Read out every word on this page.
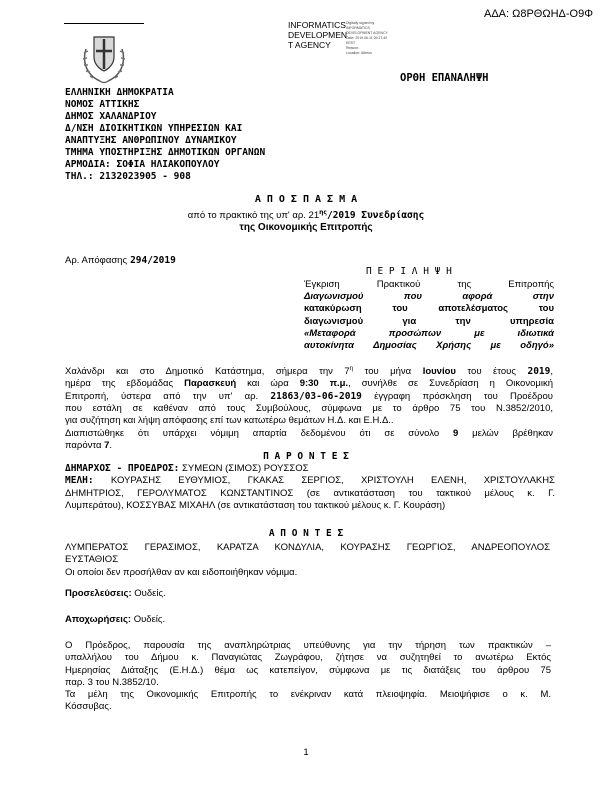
ΑΔΑ: Ω8ΡΘΩΗΔ-Ο9Φ
INFORMATICS
DEVELOPMEN
T AGENCY
Digitally signed by
INFORMATICS
DEVELOPMENT AGENCY
Date: 2019.06.11 09:17:40
EEST
Reason:
Location: Athens
ΟΡΘΗ ΕΠΑΝΑΛΗΨΗ
ΕΛΛΗΝΙΚΗ ΔΗΜΟΚΡΑΤΙΑ
ΝΟΜΟΣ ΑΤΤΙΚΗΣ
ΔΗΜΟΣ ΧΑΛΑΝΔΡΙΟΥ
Δ/ΝΣΗ ΔΙΟΙΚΗΤΙΚΩΝ ΥΠΗΡΕΣΙΩΝ ΚΑΙ
ΑΝΑΠΤΥΞΗΣ ΑΝΘΡΩΠΙΝΟΥ ΔΥΝΑΜΙΚΟΥ
ΤΜΗΜΑ ΥΠΟΣΤΗΡΙΞΗΣ ΔΗΜΟΤΙΚΩΝ ΟΡΓΑΝΩΝ
ΑΡΜΟΔΙΑ: ΣΟΦΙΑ ΗΛΙΑΚΟΠΟΥΛΟΥ
ΤΗΛ.: 2132023905 - 908
Α Π Ο Σ Π Α Σ Μ Α
από το πρακτικό της υπ' αρ. $21^{\eta\varsigma}/2019$ Συνεδρίασης
της Οικονομικής Επιτροπής
Αρ. Απόφασης 294/2019
Π Ε Ρ Ι Λ Η Ψ Η
Έγκριση Πρακτικού της Επιτροπής
Διαγωνισμού που αφορά στην
κατακύρωση του αποτελέσματος του
διαγωνισμού για την υπηρεσία
«Μεταφορά προσώπων με ιδιωτικά
αυτοκίνητα Δημοσίας Χρήσης με οδηγό»
Χαλάνδρι και στο Δημοτικό Κατάστημα, σήμερα την $7^\eta$ του μήνα Ιουνίου του έτους 2019,
ημέρα της εβδομάδας Παρασκευή και ώρα 9:30 π.μ., συνήλθε σε Συνεδρίαση η Οικονομική
Επιτροπή, ύστερα από την υπ' αρ. 21863/03-06-2019 έγγραφη πρόσκληση του Προέδρου
που εστάλη σε καθέναν από τους Συμβούλους, σύμφωνα με το άρθρο 75 του Ν.3852/2010,
για συζήτηση και λήψη απόφασης επί των κατωτέρω θεμάτων Η.Δ. και Ε.Η.Δ..
Διαπιστώθηκε ότι υπάρχει νόμιμη απαρτία δεδομένου ότι σε σύνολο 9 μελών βρέθηκαν
παρόντα 7.
Π Α Ρ Ο Ν Τ Ε Σ
ΔΗΜΑΡΧΟΣ - ΠΡΟΕΔΡΟΣ: ΣΥΜΕΩΝ (ΣΙΜΟΣ) ΡΟΥΣΣΟΣ
ΜΕΛΗ: ΚΟΥΡΑΣΗΣ ΕΥΘΥΜΙΟΣ, ΓΚΑΚΑΣ ΣΕΡΓΙΟΣ, ΧΡΙΣΤΟΥΛΗ ΕΛΕΝΗ, ΧΡΙΣΤΟΥΛΑΚΗΣ
ΔΗΜΗΤΡΙΟΣ, ΓΕΡΟΛΥΜΑΤΟΣ ΚΩΝΣΤΑΝΤΙΝΟΣ (σε αντικατάσταση του τακτικού μέλους κ. Γ.
Λυμπεράτου), ΚΟΣΣΥΒΑΣ ΜΙΧΑΗΛ (σε αντικατάσταση του τακτικού μέλους κ. Γ. Κουράση)
Α Π Ο Ν Τ Ε Σ
ΛΥΜΠΕΡΑΤΟΣ ΓΕΡΑΣΙΜΟΣ, ΚΑΡΑΤΖΑ ΚΟΝΔΥΛΙΑ, ΚΟΥΡΑΣΗΣ ΓΕΩΡΓΙΟΣ, ΑΝΔΡΕΟΠΟΥΛΟΣ
ΕΥΣΤΑΘΙΟΣ
Οι οποίοι δεν προσήλθαν αν και ειδοποιήθηκαν νόμιμα.
Προσελεύσεις: Ουδείς.
Αποχωρήσεις: Ουδείς.
Ο Πρόεδρος, παρουσία της αναπληρώτριας υπεύθυνης για την τήρηση των πρακτικών –
υπαλλήλου του Δήμου κ. Παναγιώτας Ζωγράφου, ζήτησε να συζητηθεί το ανωτέρω Εκτός
Ημερησίας Διάταξης (Ε.Η.Δ.) θέμα ως κατεπείγον, σύμφωνα με τις διατάξεις του άρθρου 75
παρ. 3 του Ν.3852/10.
Τα μέλη της Οικονομικής Επιτροπής το ενέκριναν κατά πλειοψηφία. Μειοψήφισε ο κ. Μ.
Κόσσυβας.
1
